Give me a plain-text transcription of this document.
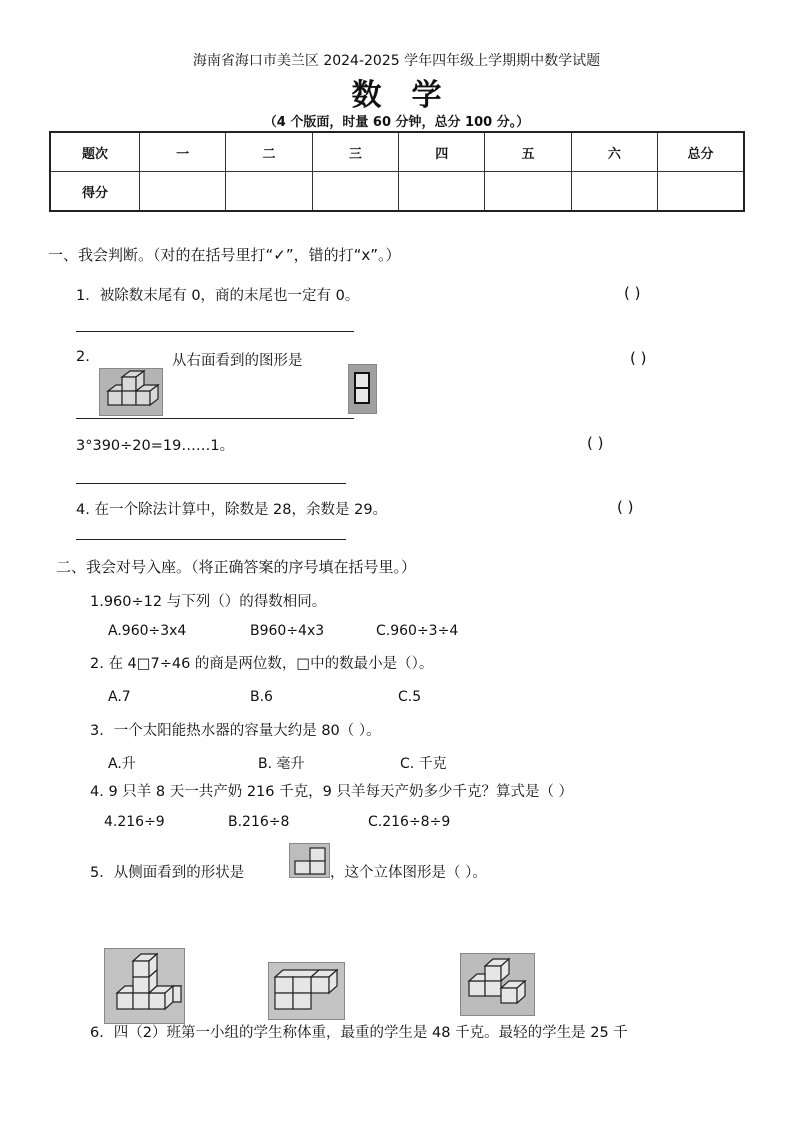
海南省海口市美兰区 2024-2025 学年四年级上学期期中数学试题
数学
（4 个版面，时量 60 分钟，总分 100 分。）
题次	一	二	三	四	五	六	总分
得分							
一、我会判断。（对的在括号里打“✓”，错的打“x”。）
1．被除数末尾有 0，商的末尾也一定有 0。	( )
2.	从右面看到的图形是	( )
3°390÷20=19……1。	( )
4. 在一个除法计算中，除数是 28，余数是 29。	( )
二、我会对号入座。（将正确答案的序号填在括号里。）
1.960÷12 与下列（）的得数相同。
A.960÷3x4	B960÷4x3	C.960÷3÷4
2. 在 4□7÷46 的商是两位数，□中的数最小是（）。
A.7	B.6	C.5
3．一个太阳能热水器的容量大约是 80（ ）。
A.升	B. 毫升	C. 千克
4. 9 只羊 8 天一共产奶 216 千克，9 只羊每天产奶多少千克？算式是（ ）
4.216÷9	B.216÷8	C.216÷8÷9
5．从侧面看到的形状是	，这个立体图形是（ ）。
6．四（2）班第一小组的学生称体重，最重的学生是 48 千克。最轻的学生是 25 千
